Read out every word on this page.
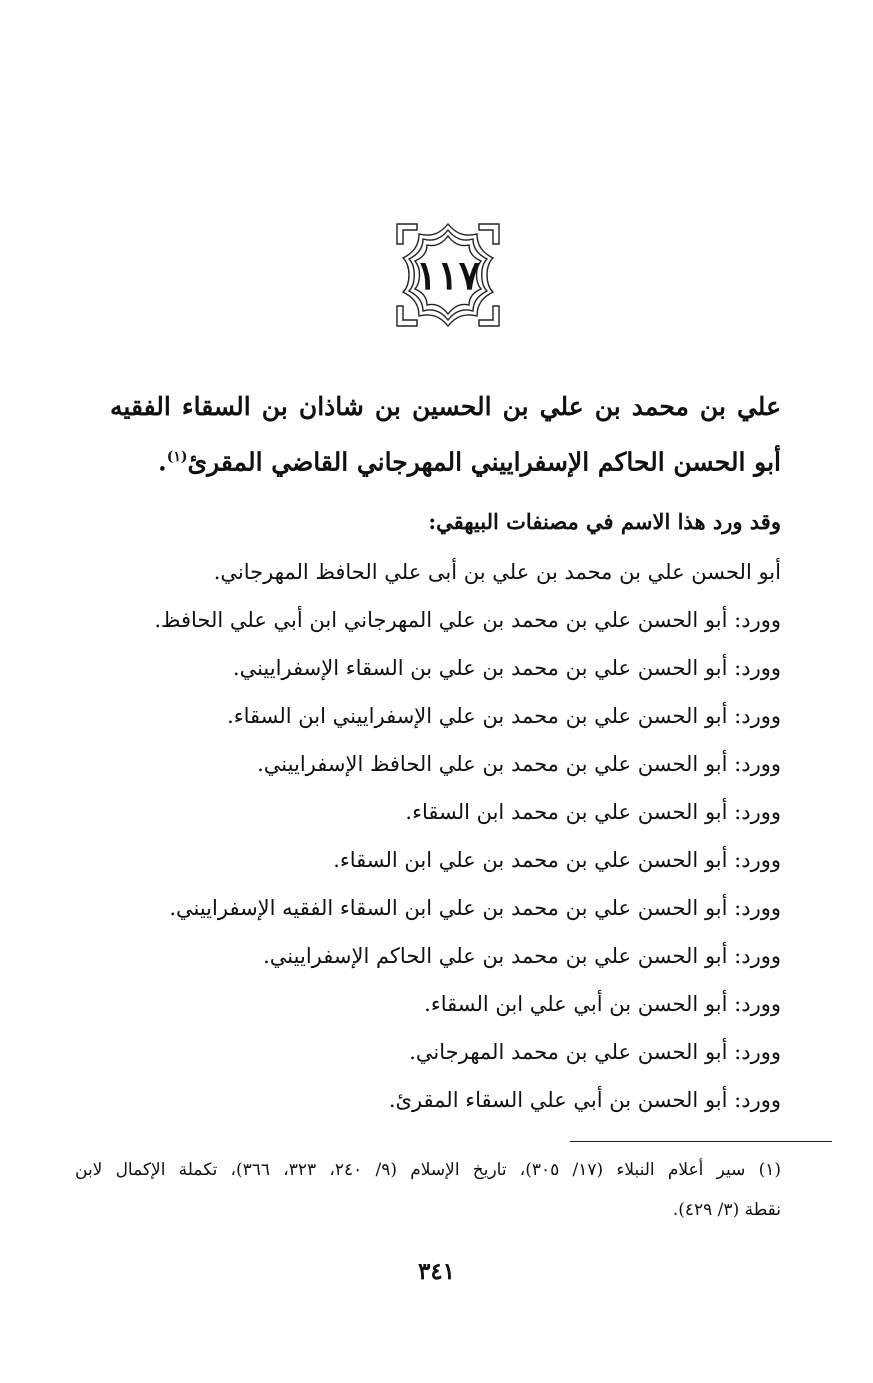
١١٧
علي بن محمد بن علي بن الحسين بن شاذان بن السقاء الفقيه
أبو الحسن الحاكم الإسفراييني المهرجاني القاضي المقرئ$^{(١)}$.
وقد ورد هذا الاسم في مصنفات البيهقي:
أبو الحسن علي بن محمد بن علي بن أبى علي الحافظ المهرجاني.
وورد: أبو الحسن علي بن محمد بن علي المهرجاني ابن أبي علي الحافظ.
وورد: أبو الحسن علي بن محمد بن علي بن السقاء الإسفراييني.
وورد: أبو الحسن علي بن محمد بن علي الإسفراييني ابن السقاء.
وورد: أبو الحسن علي بن محمد بن علي الحافظ الإسفراييني.
وورد: أبو الحسن علي بن محمد ابن السقاء.
وورد: أبو الحسن علي بن محمد بن علي ابن السقاء.
وورد: أبو الحسن علي بن محمد بن علي ابن السقاء الفقيه الإسفراييني.
وورد: أبو الحسن علي بن محمد بن علي الحاكم الإسفراييني.
وورد: أبو الحسن بن أبي علي ابن السقاء.
وورد: أبو الحسن علي بن محمد المهرجاني.
وورد: أبو الحسن بن أبي علي السقاء المقرئ.
(١) سير أعلام النبلاء (١٧/ ٣٠٥)، تاريخ الإسلام (٩/ ٢٤٠، ٣٢٣، ٣٦٦)، تكملة الإكمال لابن
نقطة (٣/ ٤٢٩).
٣٤١
